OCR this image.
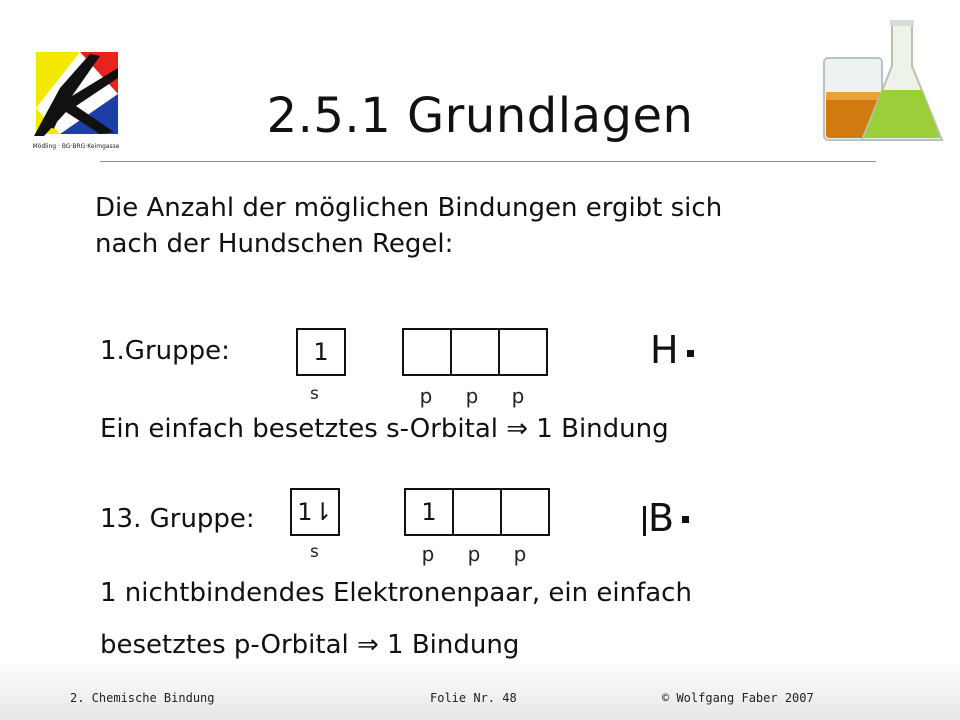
Mödling · BG·BRG·Keimgasse
2.5.1 Grundlagen
Die Anzahl der möglichen Bindungen ergibt sich
nach der Hundschen Regel:
1.Gruppe:	1
s	p	p	p
H
Ein einfach besetztes s-Orbital ⇒ 1 Bindung
13. Gruppe:	1⇂
s
1
p	p	p
B
1 nichtbindendes Elektronenpaar, ein einfach
besetztes p-Orbital ⇒ 1 Bindung
2. Chemische Bindung	Folie Nr. 48	© Wolfgang Faber 2007
